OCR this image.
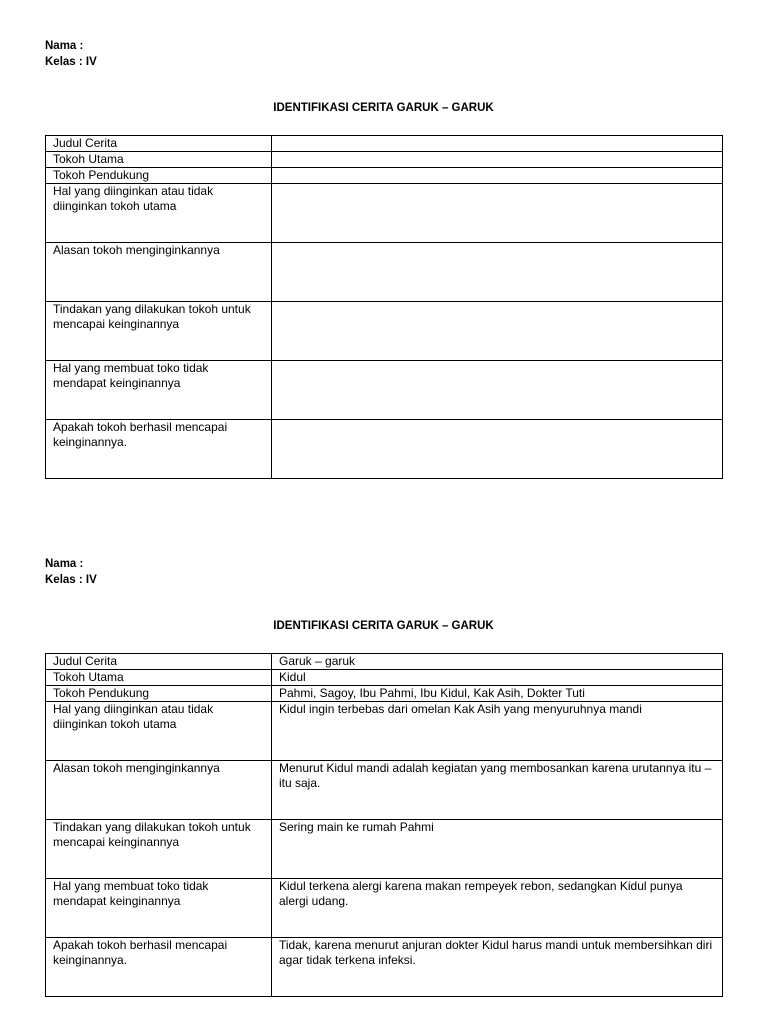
Nama :
Kelas : IV
IDENTIFIKASI CERITA GARUK – GARUK
Judul Cerita	
Tokoh Utama	
Tokoh Pendukung	
Hal yang diinginkan atau tidak diinginkan tokoh utama	
Alasan tokoh menginginkannya	
Tindakan yang dilakukan tokoh untuk mencapai keinginannya	
Hal yang membuat toko tidak mendapat keinginannya	
Apakah tokoh berhasil mencapai keinginannya.	
Nama :
Kelas : IV
IDENTIFIKASI CERITA GARUK – GARUK
Judul Cerita	Garuk – garuk
Tokoh Utama	Kidul
Tokoh Pendukung	Pahmi, Sagoy, Ibu Pahmi, Ibu Kidul, Kak Asih, Dokter Tuti
Hal yang diinginkan atau tidak diinginkan tokoh utama	Kidul ingin terbebas dari omelan Kak Asih yang menyuruhnya mandi
Alasan tokoh menginginkannya	Menurut Kidul mandi adalah kegiatan yang membosankan karena urutannya itu – itu saja.
Tindakan yang dilakukan tokoh untuk mencapai keinginannya	Sering main ke rumah Pahmi
Hal yang membuat toko tidak mendapat keinginannya	Kidul terkena alergi karena makan rempeyek rebon, sedangkan Kidul punya alergi udang.
Apakah tokoh berhasil mencapai keinginannya.	Tidak, karena menurut anjuran dokter Kidul harus mandi untuk membersihkan diri agar tidak terkena infeksi.
